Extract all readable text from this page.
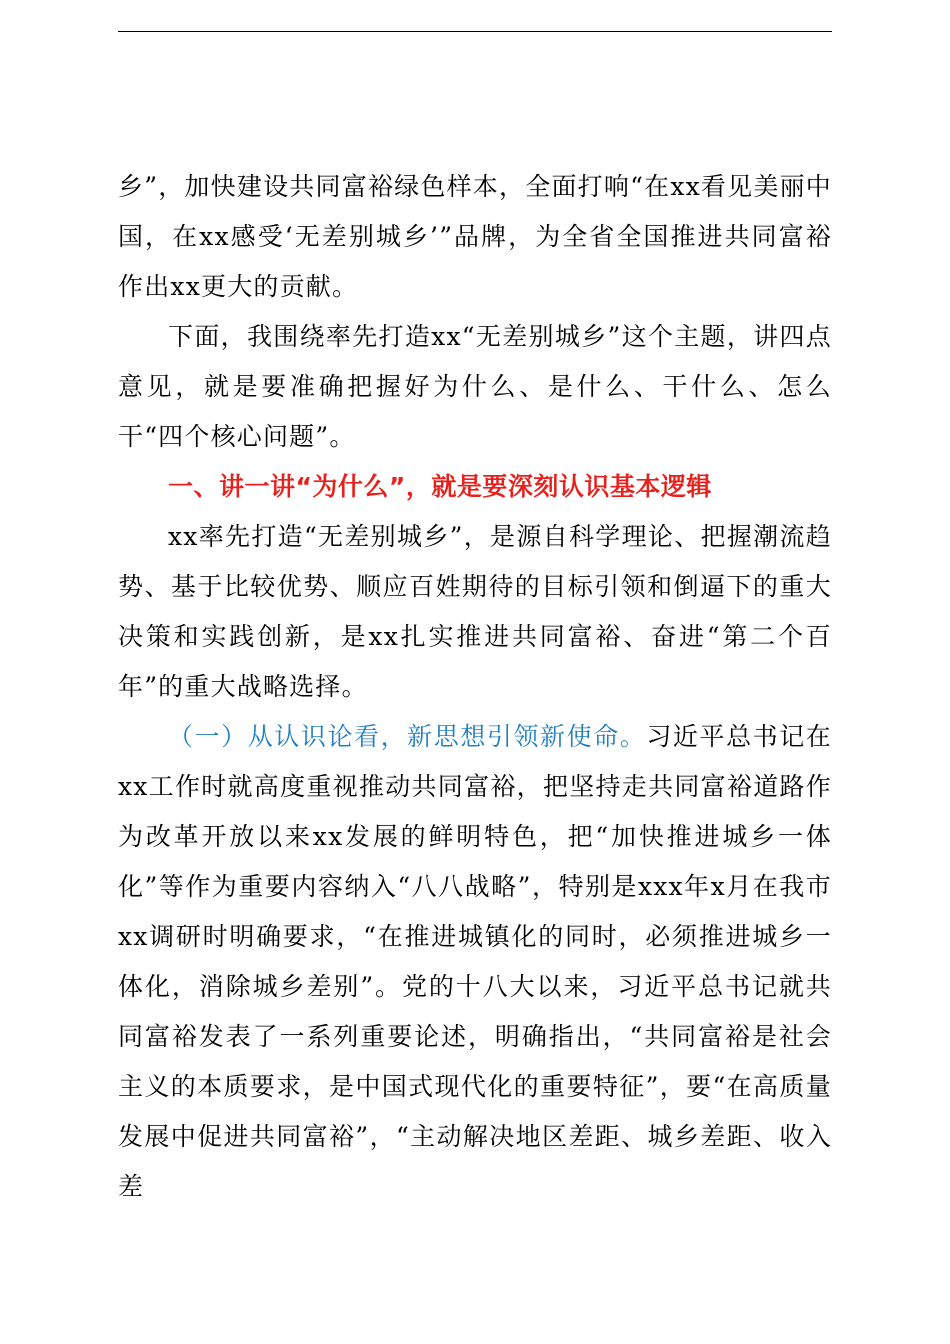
乡”，加快建设共同富裕绿色样本，全面打响“在xx看见美丽中国，在xx感受‘无差别城乡’”品牌，为全省全国推进共同富裕作出xx更大的贡献。

下面，我围绕率先打造xx“无差别城乡”这个主题，讲四点意见，就是要准确把握好为什么、是什么、干什么、怎么干“四个核心问题”。

一、讲一讲“为什么”，就是要深刻认识基本逻辑

xx率先打造“无差别城乡”，是源自科学理论、把握潮流趋势、基于比较优势、顺应百姓期待的目标引领和倒逼下的重大决策和实践创新，是xx扎实推进共同富裕、奋进“第二个百年”的重大战略选择。

（一）从认识论看，新思想引领新使命。习近平总书记在xx工作时就高度重视推动共同富裕，把坚持走共同富裕道路作为改革开放以来xx发展的鲜明特色，把“加快推进城乡一体化”等作为重要内容纳入“八八战略”，特别是xxx年x月在我市xx调研时明确要求，“在推进城镇化的同时，必须推进城乡一体化，消除城乡差别”。党的十八大以来，习近平总书记就共同富裕发表了一系列重要论述，明确指出，“共同富裕是社会主义的本质要求，是中国式现代化的重要特征”，要“在高质量发展中促进共同富裕”，“主动解决地区差距、城乡差距、收入差
